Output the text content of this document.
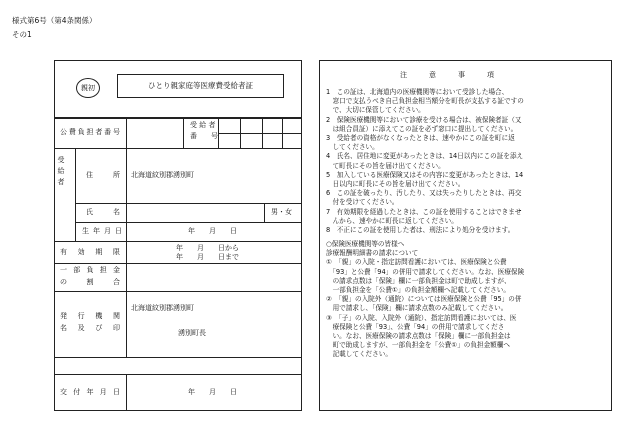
様式第6号（第4条関係）
その1
親初	ひとり親家庭等医療費受給者証
公費負担者番号
受 給 者
番　　号
受給者	住　　所 北海道紋別郡湧別町
氏　　名	男・女
生 年 月 日	年　　月　　日
有 効 期 限	年　　月　　日から
年　　月　　日まで
一 部 負 担 金
の　　割　　合
発 行 機 関
名 及 び 印
北海道紋別郡湧別町
湧別町長
交 付 年 月 日	年　　月　　日
注意事項
1　この証は、北海道内の医療機関等において受診した場合、
　窓口で支払うべき自己負担金相当額分を町長が支払する証ですの
　で、大切に保管してください。
2　保険医療機関等において診療を受ける場合は、被保険者証（又
　は組合員証）に添えてこの証を必ず窓口に提出してください。
3　受給者の資格がなくなったときは、速やかにこの証を町に返
　してください。
4　氏名、居住地に変更があったときは、14日以内にこの証を添え
　て町長にその旨を届け出てください。
5　加入している医療保険又はその内容に変更があったときは、14
　日以内に町長にその旨を届け出てください。
6　この証を破ったり、汚したり、又は失ったりしたときは、再交
　付を受けてください。
7　有効期限を経過したときは、この証を使用することはできませ
　んから、速やかに町長に返してください。
8　不正にこの証を使用した者は、刑法により処分を受けます。
○保険医療機関等の皆様へ
診療報酬明細書の請求について
①　「親」の入院・指定訪問看護においては、医療保険と公費
　「93」と公費「94」の併用で請求してください。なお、医療保険
　の請求点数は「保険」欄に一部負担金は町で助成しますが、
　一部負担金を「公費①」の負担金額欄へ記載してください。
②　「親」の入院外（通院）については医療保険と公費「95」の併
　用で請求し、「保険」欄に請求点数のみ記載してください。
③　「子」の入院、入院外（通院）、指定訪問看護においては、医
　療保険と公費「93」、公費「94」の併用で請求してくださ
　い。なお、医療保険の請求点数は「保険」欄に一部負担金は
　町で助成しますが、一部負担金を「公費①」の負担金額欄へ
　記載してください。
